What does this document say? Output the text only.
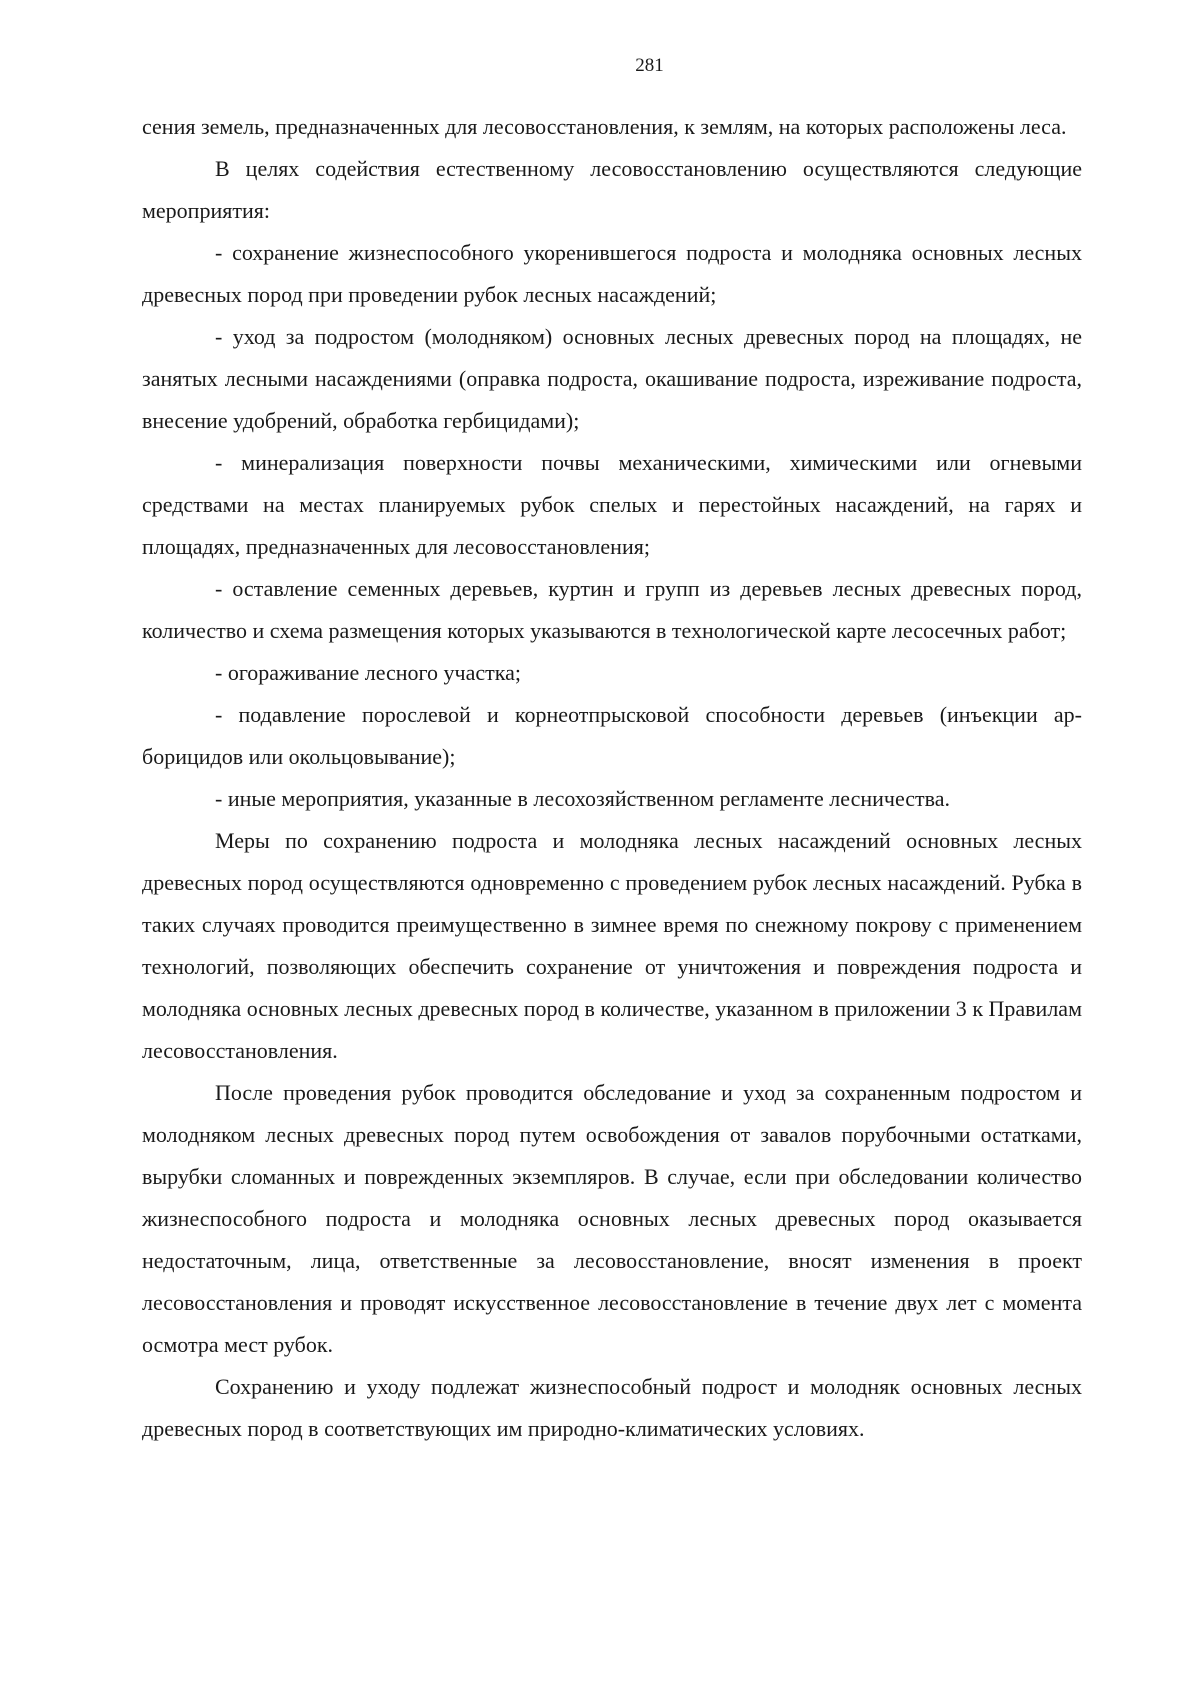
281

сения земель, предназначенных для лесовосстановления, к землям, на которых расположены леса.

В целях содействия естественному лесовосстановлению осуществляются следующие мероприятия:

- сохранение жизнеспособного укоренившегося подроста и молодняка основных лесных древесных пород при проведении рубок лесных насаждений;

- уход за подростом (молодняком) основных лесных древесных пород на площадях, не занятых лесными насаждениями (оправка подроста, окашивание подроста, изреживание подроста, внесение удобрений, обработка гербицидами);

- минерализация поверхности почвы механическими, химическими или огневыми средствами на местах планируемых рубок спелых и перестойных насаждений, на гарях и площадях, предназначенных для лесовосстановления;

- оставление семенных деревьев, куртин и групп из деревьев лесных древесных пород, количество и схема размещения которых указываются в технологической карте лесосечных работ;

- огораживание лесного участка;

- подавление порослевой и корнеотпрысковой способности деревьев (инъекции арборицидов или окольцовывание);

- иные мероприятия, указанные в лесохозяйственном регламенте лесничества.

Меры по сохранению подроста и молодняка лесных насаждений основных лесных древесных пород осуществляются одновременно с проведением рубок лесных насаждений. Рубка в таких случаях проводится преимущественно в зимнее время по снежному покрову с применением технологий, позволяющих обеспечить сохранение от уничтожения и повреждения подроста и молодняка основных лесных древесных пород в количестве, указанном в приложении 3 к Правилам лесовосстановления.

После проведения рубок проводится обследование и уход за сохраненным подростом и молодняком лесных древесных пород путем освобождения от завалов порубочными остатками, вырубки сломанных и поврежденных экземпляров. В случае, если при обследовании количество жизнеспособного подроста и молодняка основных лесных древесных пород оказывается недостаточным, лица, ответственные за лесовосстановление, вносят изменения в проект лесовосстановления и проводят искусственное лесовосстановление в течение двух лет с момента осмотра мест рубок.

Сохранению и уходу подлежат жизнеспособный подрост и молодняк основных лесных древесных пород в соответствующих им природно-климатических условиях.
